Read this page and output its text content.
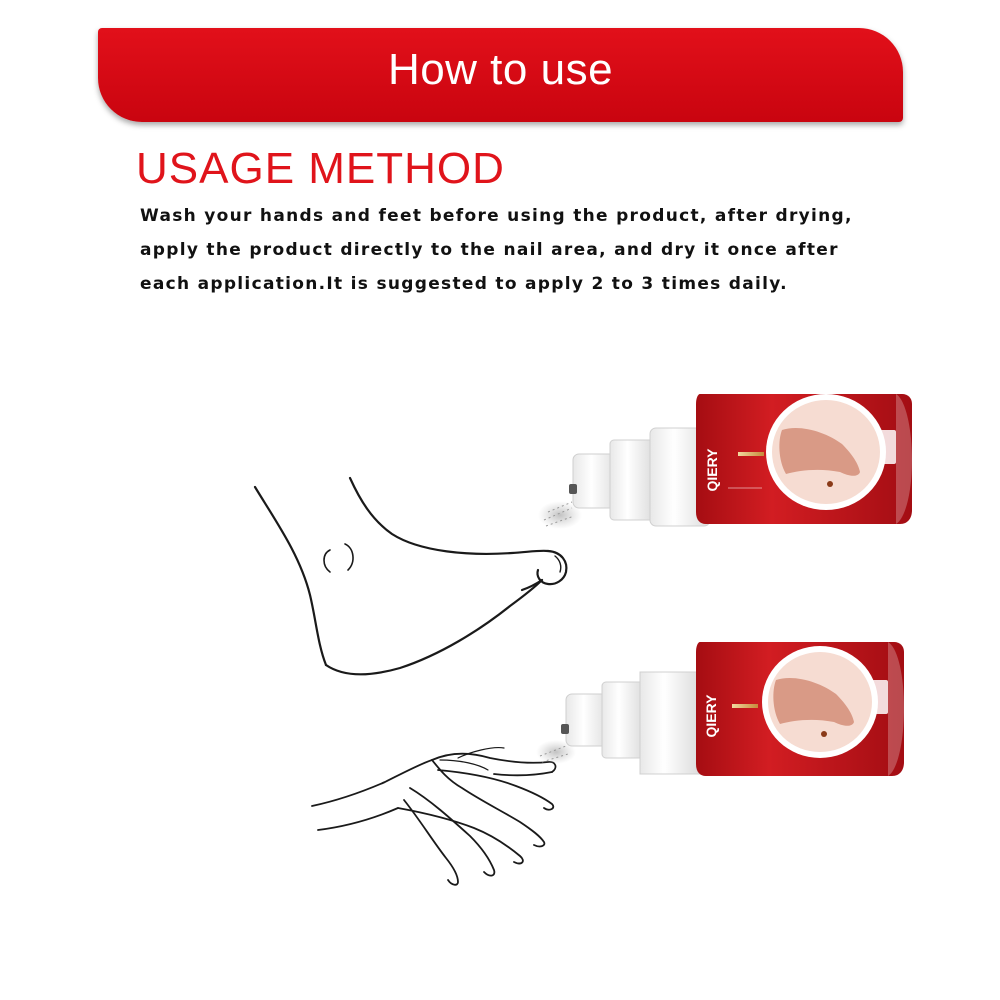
How to use
USAGE METHOD

Wash your hands and feet before using the product, after drying,
apply the product directly to the nail area, and dry it once after
each application.It is suggested to apply 2 to 3 times daily.

QIERY
QIERY
